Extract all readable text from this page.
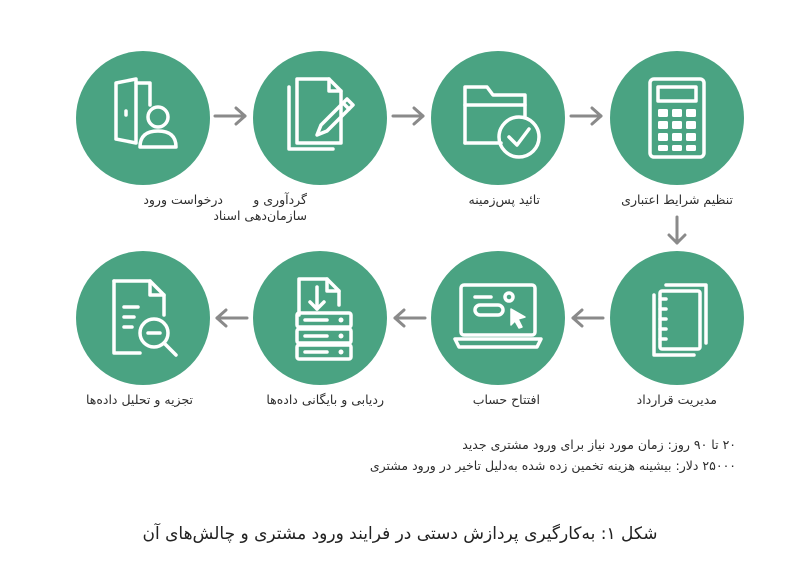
درخواست ورود	گردآوری و سازمان‌دهی اسناد
تائید پس‌زمینه	تنظیم شرایط اعتباری
تجزیه و تحلیل داده‌ها	ردیابی و بایگانی داده‌ها	افتتاح حساب	مدیریت قرارداد
۲۰ تا ۹۰ روز: زمان مورد نیاز برای ورود مشتری جدید
۲۵۰۰۰ دلار: بیشینه هزینه تخمین زده شده به‌دلیل تاخیر در ورود مشتری
شکل ۱: به‌کارگیری پردازش دستی در فرایند ورود مشتری و چالش‌های آن
